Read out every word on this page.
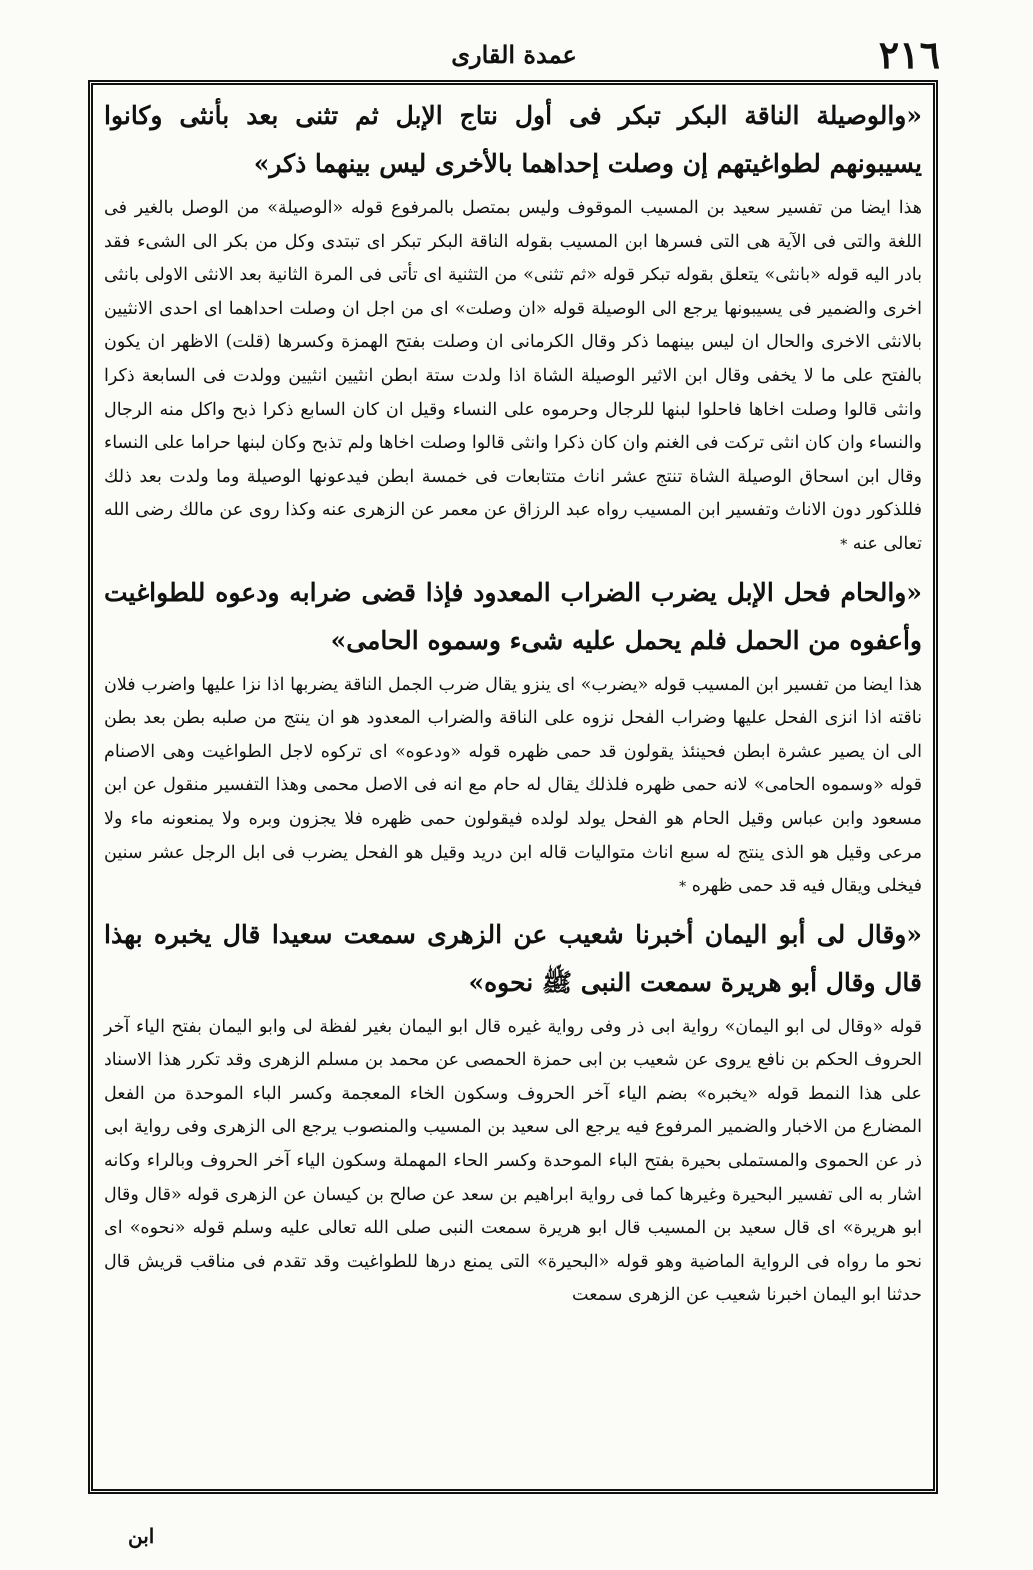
٢١٦
عمدة القارى

«والوصيلة الناقة البكر تبكر فى أول نتاج الإبل ثم تثنى بعد بأنثى وكانوا يسيبونهم لطواغيتهم إن وصلت إحداهما بالأخرى ليس بينهما ذكر»

هذا ايضا من تفسير سعيد بن المسيب الموقوف وليس بمتصل بالمرفوع قوله «الوصيلة» من الوصل بالغير فى اللغة والتى فى الآية هى التى فسرها ابن المسيب بقوله الناقة البكر تبكر اى تبتدى وكل من بكر الى الشىء فقد بادر اليه قوله «بانثى» يتعلق بقوله تبكر قوله «ثم تثنى» من التثنية اى تأتى فى المرة الثانية بعد الانثى الاولى بانثى اخرى والضمير فى يسيبونها يرجع الى الوصيلة قوله «ان وصلت» اى من اجل ان وصلت احداهما اى احدى الانثيين بالانثى الاخرى والحال ان ليس بينهما ذكر وقال الكرمانى ان وصلت بفتح الهمزة وكسرها (قلت) الاظهر ان يكون بالفتح على ما لا يخفى وقال ابن الاثير الوصيلة الشاة اذا ولدت ستة ابطن انثيين انثيين وولدت فى السابعة ذكرا وانثى قالوا وصلت اخاها فاحلوا لبنها للرجال وحرموه على النساء وقيل ان كان السابع ذكرا ذبح واكل منه الرجال والنساء وان كان انثى تركت فى الغنم وان كان ذكرا وانثى قالوا وصلت اخاها ولم تذبح وكان لبنها حراما على النساء وقال ابن اسحاق الوصيلة الشاة تنتج عشر اناث متتابعات فى خمسة ابطن فيدعونها الوصيلة وما ولدت بعد ذلك فللذكور دون الاناث وتفسير ابن المسيب رواه عبد الرزاق عن معمر عن الزهرى عنه وكذا روى عن مالك رضى الله تعالى عنه *

«والحام فحل الإبل يضرب الضراب المعدود فإذا قضى ضرابه ودعوه للطواغيت وأعفوه من الحمل فلم يحمل عليه شىء وسموه الحامى»

هذا ايضا من تفسير ابن المسيب قوله «يضرب» اى ينزو يقال ضرب الجمل الناقة يضربها اذا نزا عليها واضرب فلان ناقته اذا انزى الفحل عليها وضراب الفحل نزوه على الناقة والضراب المعدود هو ان ينتج من صلبه بطن بعد بطن الى ان يصير عشرة ابطن فحينئذ يقولون قد حمى ظهره قوله «ودعوه» اى تركوه لاجل الطواغيت وهى الاصنام قوله «وسموه الحامى» لانه حمى ظهره فلذلك يقال له حام مع انه فى الاصل محمى وهذا التفسير منقول عن ابن مسعود وابن عباس وقيل الحام هو الفحل يولد لولده فيقولون حمى ظهره فلا يجزون وبره ولا يمنعونه ماء ولا مرعى وقيل هو الذى ينتج له سبع اناث متواليات قاله ابن دريد وقيل هو الفحل يضرب فى ابل الرجل عشر سنين فيخلى ويقال فيه قد حمى ظهره *

«وقال لى أبو اليمان أخبرنا شعيب عن الزهرى سمعت سعيدا قال يخبره بهذا قال وقال أبو هريرة سمعت النبى ﷺ نحوه»

قوله «وقال لى ابو اليمان» رواية ابى ذر وفى رواية غيره قال ابو اليمان بغير لفظة لى وابو اليمان بفتح الياء آخر الحروف الحكم بن نافع يروى عن شعيب بن ابى حمزة الحمصى عن محمد بن مسلم الزهرى وقد تكرر هذا الاسناد على هذا النمط قوله «يخبره» بضم الياء آخر الحروف وسكون الخاء المعجمة وكسر الباء الموحدة من الفعل المضارع من الاخبار والضمير المرفوع فيه يرجع الى سعيد بن المسيب والمنصوب يرجع الى الزهرى وفى رواية ابى ذر عن الحموى والمستملى بحيرة بفتح الباء الموحدة وكسر الحاء المهملة وسكون الياء آخر الحروف وبالراء وكانه اشار به الى تفسير البحيرة وغيرها كما فى رواية ابراهيم بن سعد عن صالح بن كيسان عن الزهرى قوله «قال وقال ابو هريرة» اى قال سعيد بن المسيب قال ابو هريرة سمعت النبى صلى الله تعالى عليه وسلم قوله «نحوه» اى نحو ما رواه فى الرواية الماضية وهو قوله «البحيرة» التى يمنع درها للطواغيت وقد تقدم فى مناقب قريش قال حدثنا ابو اليمان اخبرنا شعيب عن الزهرى سمعت

ابن
